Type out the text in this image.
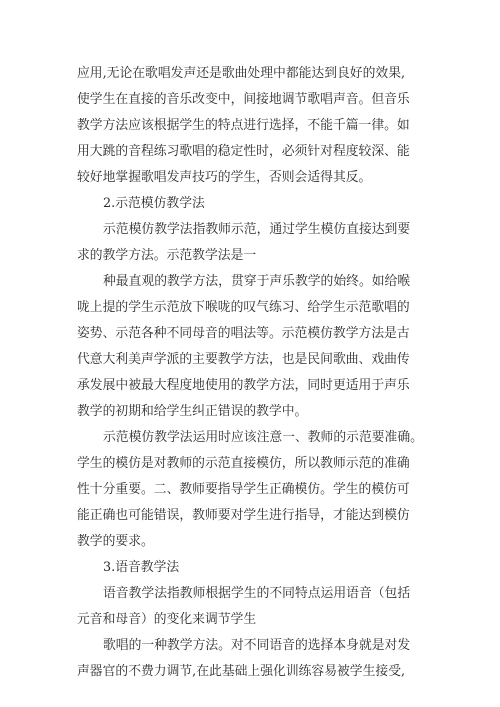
应用,无论在歌唱发声还是歌曲处理中都能达到良好的效果,
使学生在直接的音乐改变中，间接地调节歌唱声音。但音乐
教学方法应该根据学生的特点进行选择，不能千篇一律。如
用大跳的音程练习歌唱的稳定性时，必须针对程度较深、能
较好地掌握歌唱发声技巧的学生，否则会适得其反。
2.示范模仿教学法
示范模仿教学法指教师示范，通过学生模仿直接达到要
求的教学方法。示范教学法是一
种最直观的教学方法，贯穿于声乐教学的始终。如给喉
咙上提的学生示范放下喉咙的叹气练习、给学生示范歌唱的
姿势、示范各种不同母音的唱法等。示范模仿教学方法是古
代意大利美声学派的主要教学方法，也是民间歌曲、戏曲传
承发展中被最大程度地使用的教学方法，同时更适用于声乐
教学的初期和给学生纠正错误的教学中。
示范模仿教学法运用时应该注意一、教师的示范要准确。
学生的模仿是对教师的示范直接模仿，所以教师示范的准确
性十分重要。二、教师要指导学生正确模仿。学生的模仿可
能正确也可能错误，教师要对学生进行指导，才能达到模仿
教学的要求。
3.语音教学法
语音教学法指教师根据学生的不同特点运用语音（包括
元音和母音）的变化来调节学生
歌唱的一种教学方法。对不同语音的选择本身就是对发
声器官的不费力调节,在此基础上强化训练容易被学生接受,
